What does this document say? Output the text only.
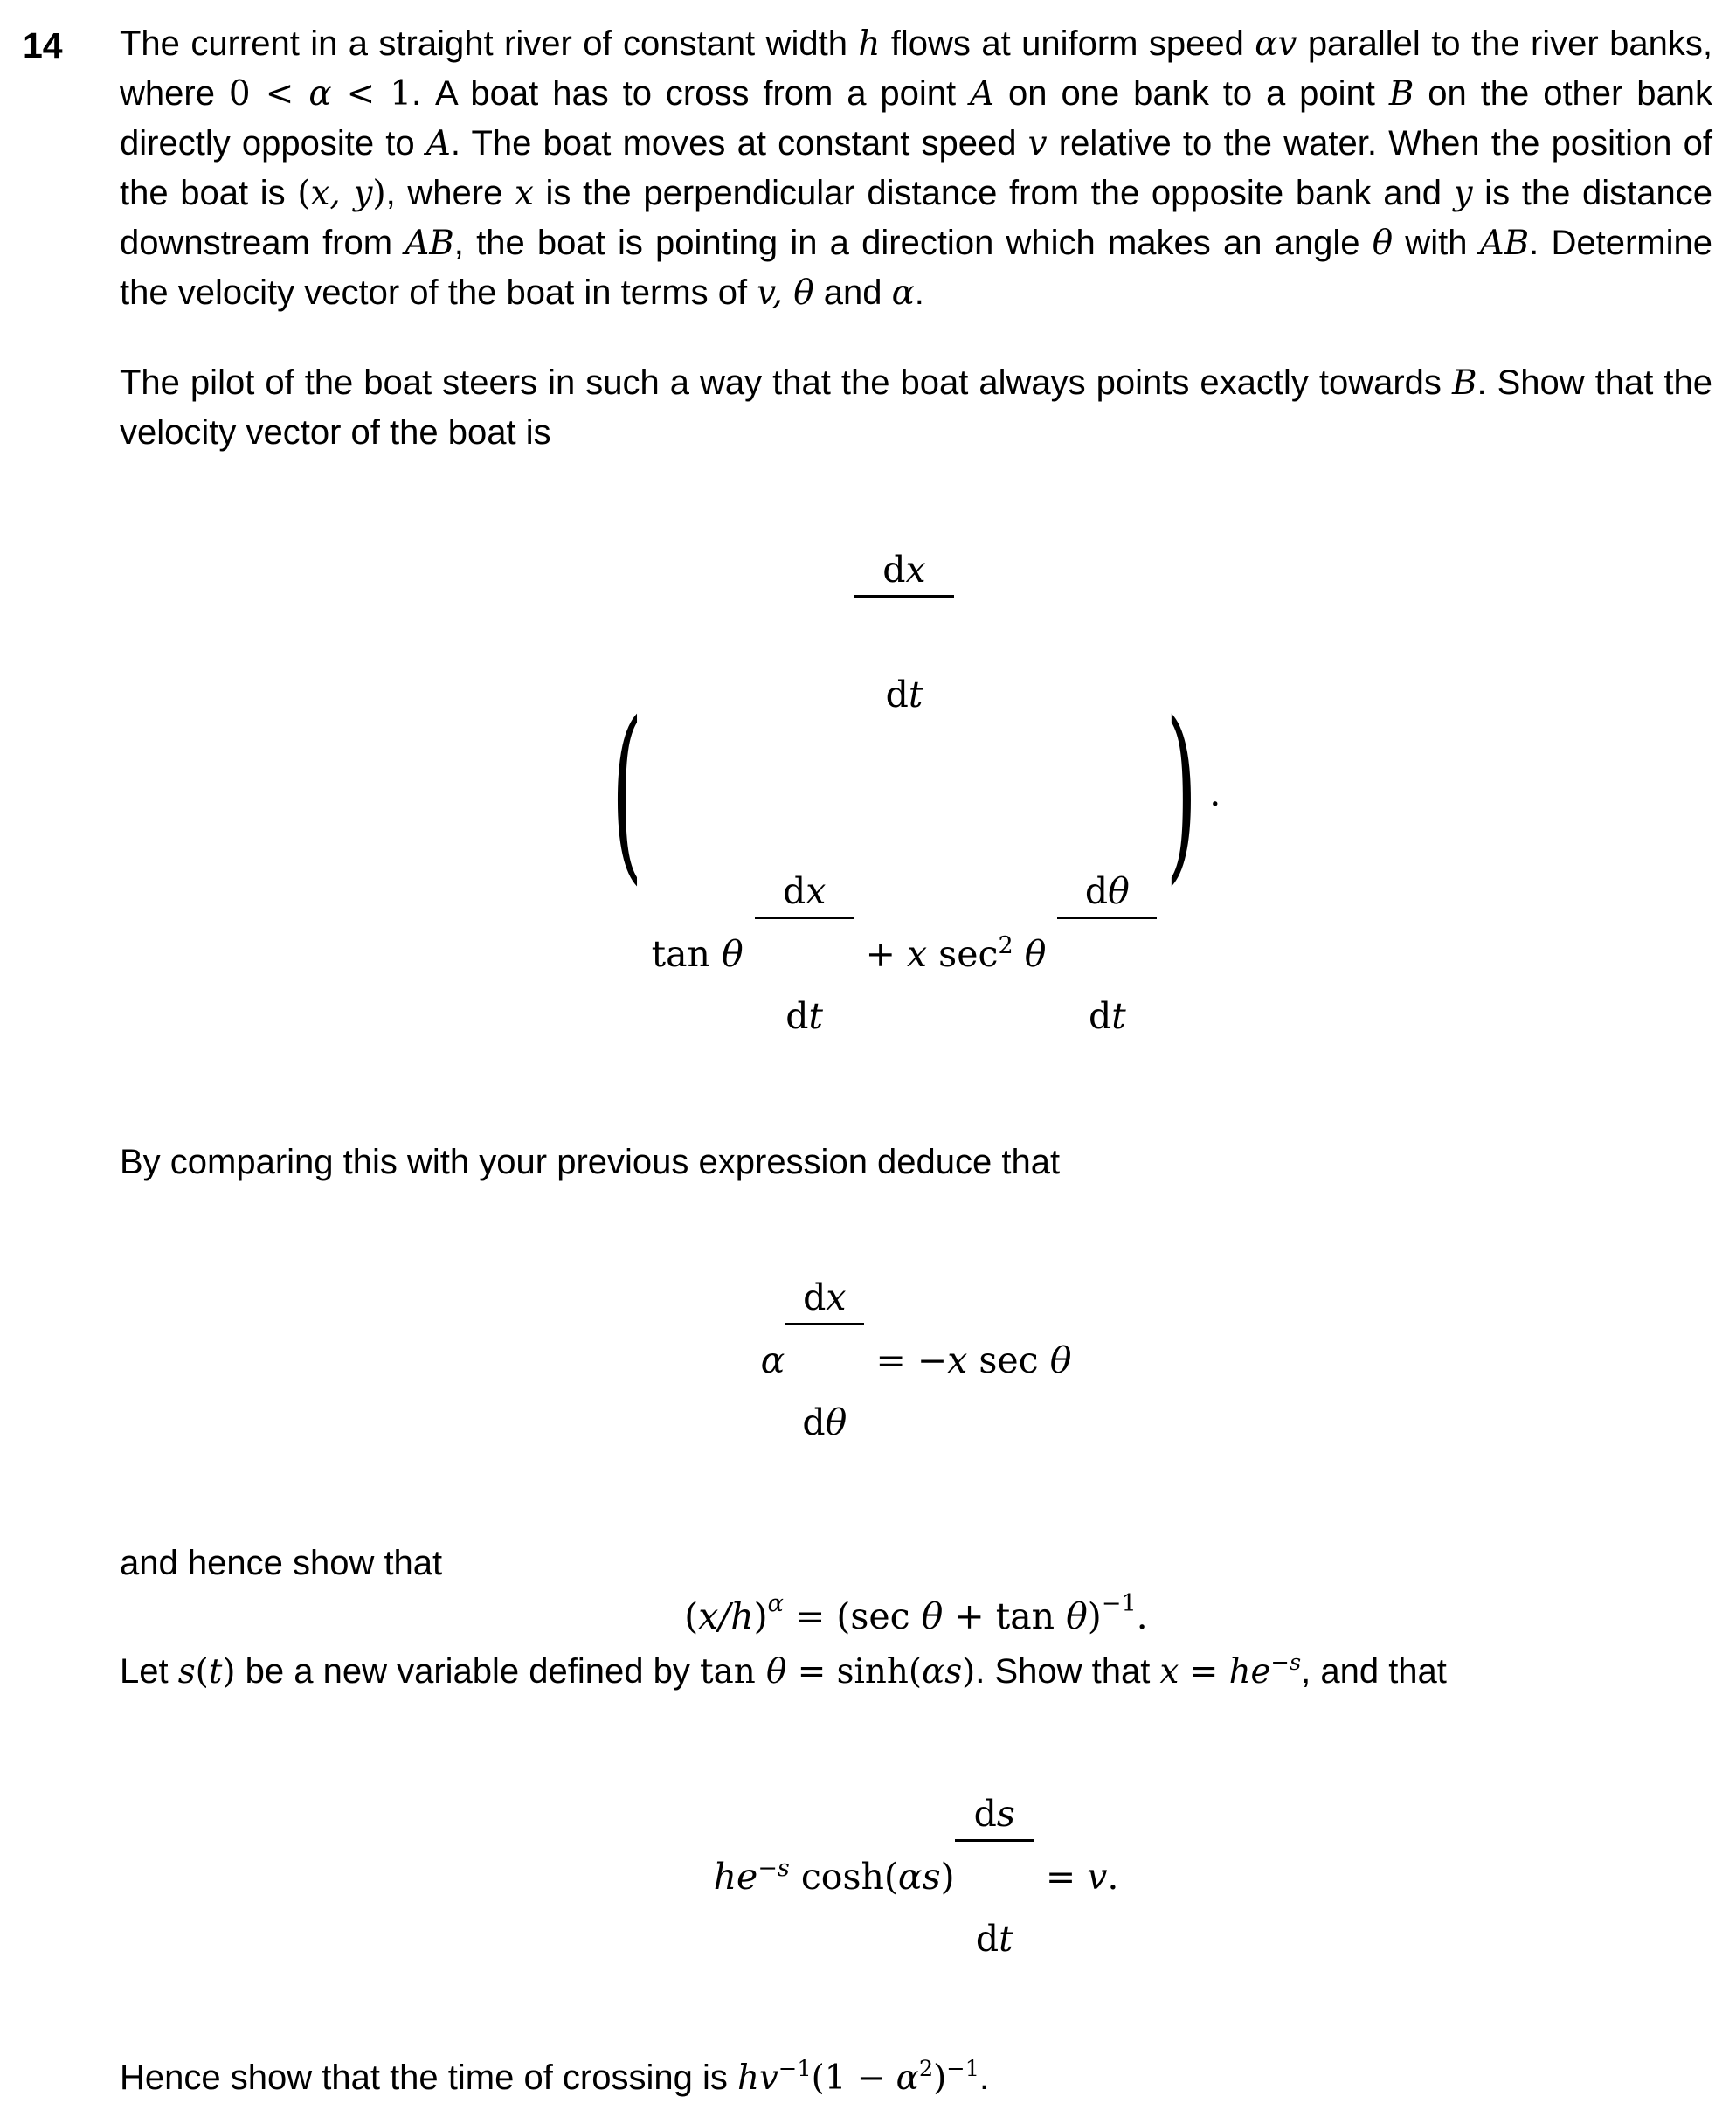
14 The current in a straight river of constant width h flows at uniform speed αv parallel to the river banks, where 0 < α < 1. A boat has to cross from a point A on one bank to a point B on the other bank directly opposite to A. The boat moves at constant speed v relative to the water. When the position of the boat is (x, y), where x is the perpendicular distance from the opposite bank and y is the distance downstream from AB, the boat is pointing in a direction which makes an angle θ with AB. Determine the velocity vector of the boat in terms of v, θ and α.
The pilot of the boat steers in such a way that the boat always points exactly towards B. Show that the velocity vector of the boat is
(

$\frac{dx}{dt}$

tan θ

$\frac{dx}{dt}$

+ x $\sec^2 \theta$

$\frac{d\theta}{dt}$

) .
By comparing this with your previous expression deduce that
α

$\frac{dx}{d\theta}$

= −x sec θ
and hence show that
( x/h ) $^\alpha$ = (sec θ + tan θ ) $^{-1}$ .
Let s(t) be a new variable defined by tan θ = sinh(αs). Show that $x = he^{-s}$, and that
$he^{-s}$ cosh(αs)

$\frac{ds}{dt}$

= v.
Hence show that the time of crossing is $hv^{-1}(1 - \alpha^2)^{-1}$.
